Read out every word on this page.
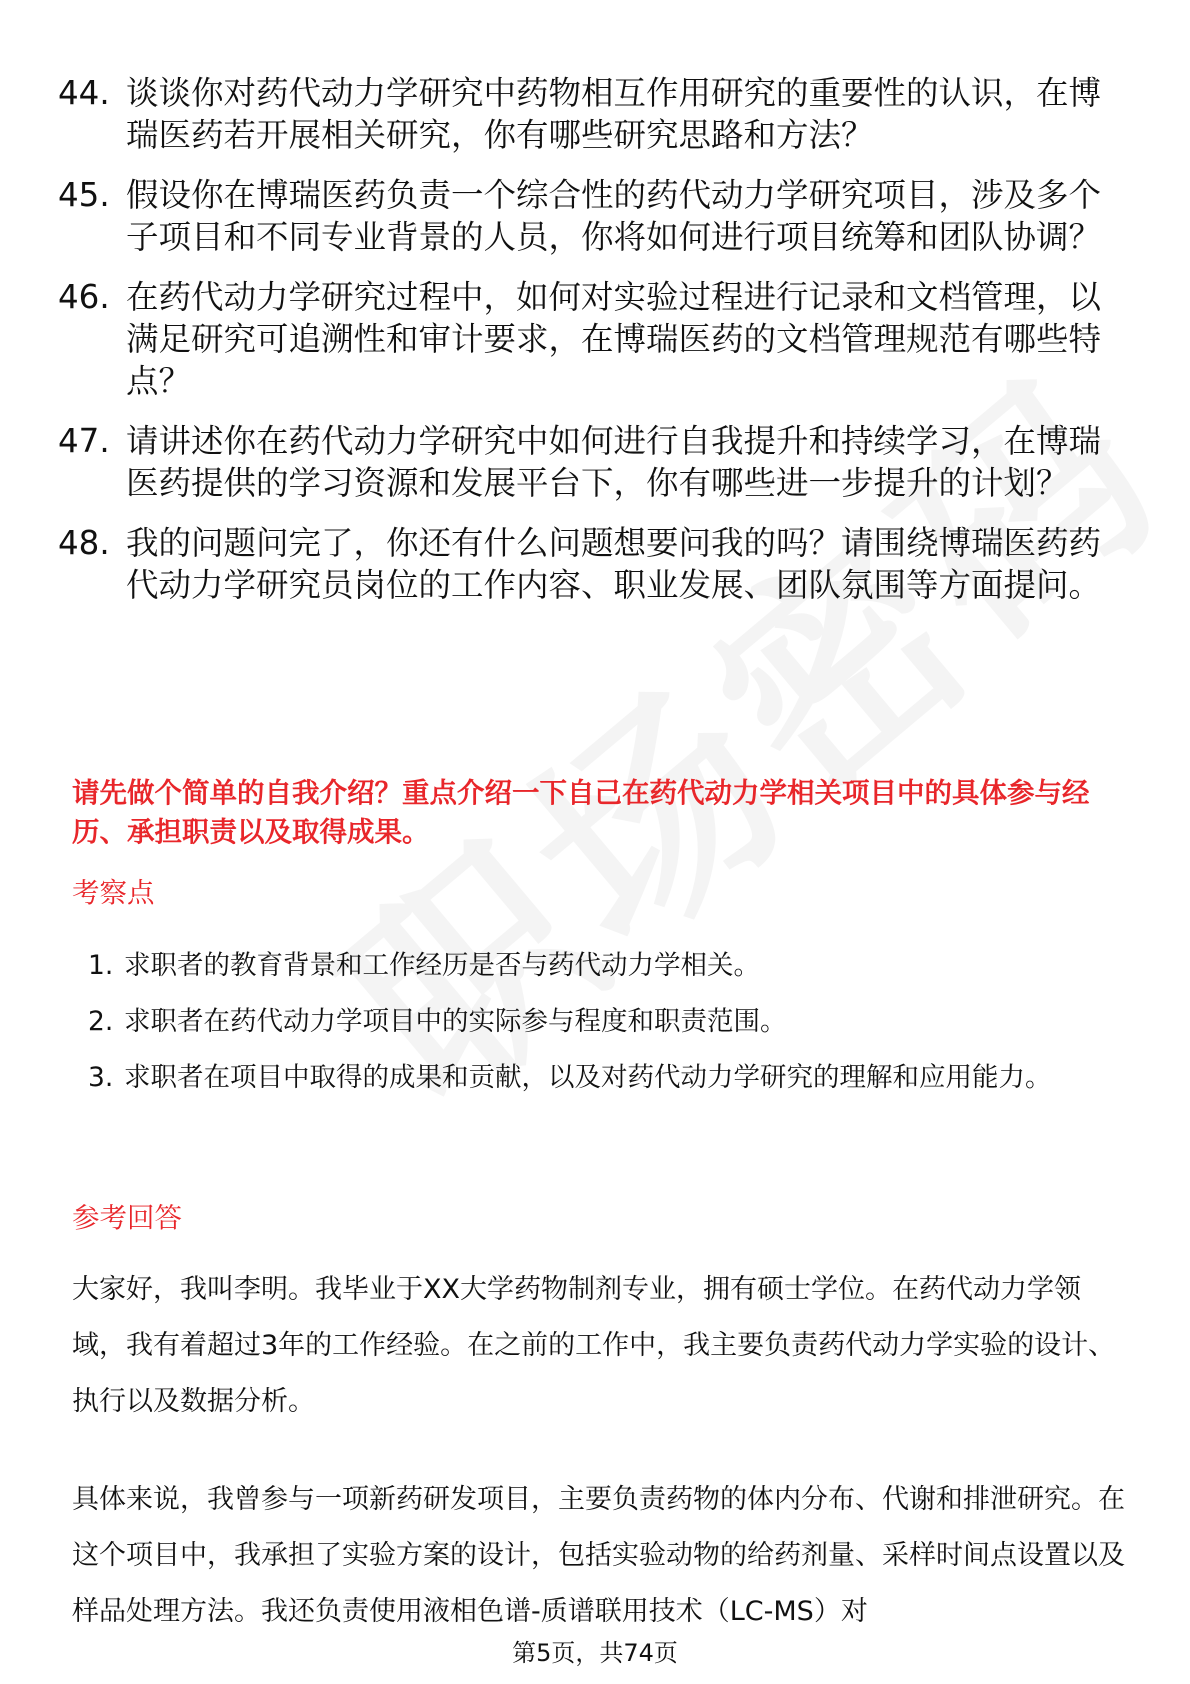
44. 谈谈你对药代动力学研究中药物相互作用研究的重要性的认识，在博瑞医药若开展相关研究，你有哪些研究思路和方法？
45. 假设你在博瑞医药负责一个综合性的药代动力学研究项目，涉及多个子项目和不同专业背景的人员，你将如何进行项目统筹和团队协调？
46. 在药代动力学研究过程中，如何对实验过程进行记录和文档管理，以满足研究可追溯性和审计要求，在博瑞医药的文档管理规范有哪些特点？
47. 请讲述你在药代动力学研究中如何进行自我提升和持续学习，在博瑞医药提供的学习资源和发展平台下，你有哪些进一步提升的计划？
48. 我的问题问完了，你还有什么问题想要问我的吗？请围绕博瑞医药药代动力学研究员岗位的工作内容、职业发展、团队氛围等方面提问。
请先做个简单的自我介绍？重点介绍一下自己在药代动力学相关项目中的具体参与经历、承担职责以及取得成果。
考察点
1. 求职者的教育背景和工作经历是否与药代动力学相关。
2. 求职者在药代动力学项目中的实际参与程度和职责范围。
3. 求职者在项目中取得的成果和贡献，以及对药代动力学研究的理解和应用能力。
参考回答
大家好，我叫李明。我毕业于XX大学药物制剂专业，拥有硕士学位。在药代动力学领域，我有着超过3年的工作经验。在之前的工作中，我主要负责药代动力学实验的设计、执行以及数据分析。
具体来说，我曾参与一项新药研发项目，主要负责药物的体内分布、代谢和排泄研究。在这个项目中，我承担了实验方案的设计，包括实验动物的给药剂量、采样时间点设置以及样品处理方法。我还负责使用液相色谱-质谱联用技术（LC-MS）对
第5页，共74页
